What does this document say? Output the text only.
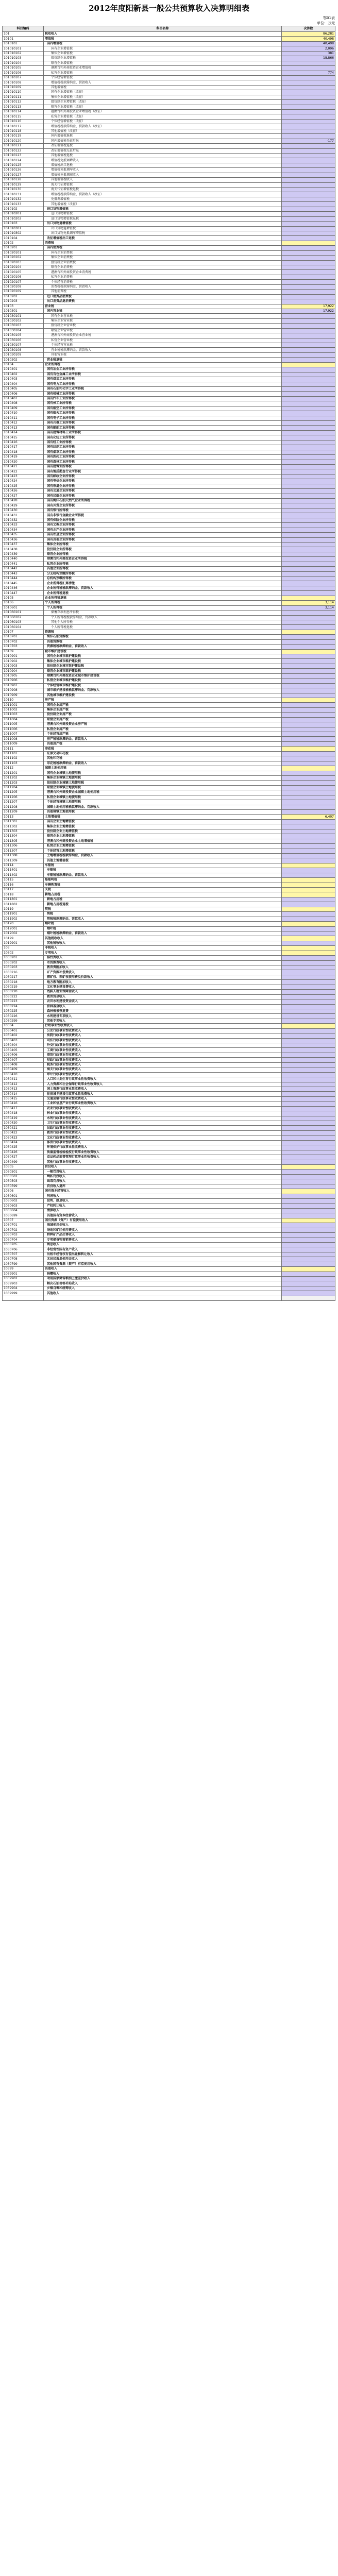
2012年度阳新县一般公共预算收入决算明细表
鄂01表
单位：万元
科目编码	科目名称	决算数
101	税收收入	86,281
10101	增值税	40,498
1010101	国内增值税	40,498
101010101	国有企业增值税	2,096
101010102	集体企业增值税	381
101010103	股份制企业增值税	18,866
101010104	联营企业增值税	
101010105	港澳台和外商投资企业增值税	
101010106	私营企业增值税	774
101010107	个体经营增值税	
101010108	增值税税款滞纳金、罚款收入	
101010109	其他增值税	
101010110	国有企业增值税（改征）	
101010111	集体企业增值税（改征）	
101010112	股份制企业增值税（改征）	
101010113	联营企业增值税（改征）	
101010114	港澳台和外商投资企业增值税（改征）	
101010115	私营企业增值税（改征）	
101010116	个体经营增值税（改征）	
101010117	增值税税款滞纳金、罚款收入（改征）	
101010118	其他增值税（改征）	
101010119	国内增值税退税	
101010120	国内增值税先征后退	-177
101010121	改征增值税退税	
101010122	改征增值税先征后退	
101010123	其他增值税退税	
101010124	增值税免抵调增收入	
101010125	增值税出口退税	
101010126	增值税免抵调库收入	
101010127	增值税免抵调减收入	
101010128	其他增值税收入	
101010129	海关代征增值税	
101010130	海关代征增值税退税	
101010131	增值税税款滞纳金、罚款收入（改征）	
101010132	免抵调增值税	
101010133	其他增值税（改征）	
1010102	进口货物增值税	
101010201	进口货物增值税	
101010202	进口货物增值税退税	
1010103	出口货物退增值税	
101010301	出口货物退增值税	
101010302	出口货物免抵调库增值税	
1010104	改征增值税出口退税	
10102	消费税	
1010201	国内消费税	
101020101	国有企业消费税	
101020102	集体企业消费税	
101020103	股份制企业消费税	
101020104	联营企业消费税	
101020105	港澳台和外商投资企业消费税	
101020106	私营企业消费税	
101020107	个体经营消费税	
101020108	消费税税款滞纳金、罚款收入	
101020109	其他消费税	
1010202	进口消费品消费税	
1010203	出口消费品退消费税	
10103	营业税	17,922
1010301	国内营业税	17,922
101030101	国有企业营业税	
101030102	集体企业营业税	
101030103	股份制企业营业税	
101030104	联营企业营业税	
101030105	港澳台和外商投资企业营业税	
101030106	私营企业营业税	
101030107	个体经营营业税	
101030108	营业税税款滞纳金、罚款收入	
101030109	其他营业税	
1010302	营业税退税	
10104	企业所得税	
1010401	国有冶金工业所得税	
1010402	国有有色金属工业所得税	
1010403	国有煤炭工业所得税	
1010404	国有电力工业所得税	
1010405	国有石油和化学工业所得税	
1010406	国有机械工业所得税	
1010407	国有汽车工业所得税	
1010408	国有核工业所得税	
1010409	国有航空工业所得税	
1010410	国有航天工业所得税	
1010411	国有电子工业所得税	
1010412	国有兵器工业所得税	
1010413	国有船舶工业所得税	
1010414	国有建筑材料工业所得税	
1010415	国有化纺工业所得税	
1010416	国有轻工业所得税	
1010417	国有纺织工业所得税	
1010418	国有烟草工业所得税	
1010419	国有医药工业所得税	
1010420	国有森林工业所得税	
1010421	国有建筑业所得税	
1010422	国有地质勘查行业所得税	
1010423	国有邮政企业所得税	
1010424	国有电信企业所得税	
1010425	国有铁道企业所得税	
1010426	国有交通企业所得税	
1010427	国有民航企业所得税	
1010428	国有海洋石油天然气企业所得税	
1010429	国有外贸企业所得税	
1010430	国有银行所得税	
1010431	国有非银行金融企业所得税	
1010432	国有保险企业所得税	
1010433	国有文教企业所得税	
1010434	国有水产企业所得税	
1010435	国有农垦企业所得税	
1010436	国有其他企业所得税	
1010437	集体企业所得税	
1010438	股份制企业所得税	
1010439	联营企业所得税	
1010440	港澳台和外商投资企业所得税	
1010441	私营企业所得税	
1010442	其他企业所得税	
1010443	分支机构预缴所得税	
1010444	总机构预缴所得税	
1010445	企业所得税汇算清缴	
1010446	企业所得税税款滞纳金、罚款收入	
1010447	企业所得税退税	
10105	企业所得税退税	
10106	个人所得税	3,114
1010601	个人所得税	3,114
101060101	储蓄存款利息所得税	
101060102	个人所得税税款滞纳金、罚款收入	
101060103	其他个人所得税	
101060104	个人所得税退税	
10107	资源税	
1010701	海洋石油资源税	
1010702	其他资源税	
1010703	资源税税款滞纳金、罚款收入	
10109	城市维护建设税	
1010901	国有企业城市维护建设税	
1010902	集体企业城市维护建设税	
1010903	股份制企业城市维护建设税	
1010904	联营企业城市维护建设税	
1010905	港澳台和外商投资企业城市维护建设税	
1010906	私营企业城市维护建设税	
1010907	个体经营城市维护建设税	
1010908	城市维护建设税税款滞纳金、罚款收入	
1010909	其他城市维护建设税	
10110	房产税	
1011001	国有企业房产税	
1011002	集体企业房产税	
1011003	股份制企业房产税	
1011004	联营企业房产税	
1011005	港澳台和外商投资企业房产税	
1011006	私营企业房产税	
1011007	个体经营房产税	
1011008	房产税税款滞纳金、罚款收入	
1011009	其他房产税	
10111	印花税	
1011101	证券交易印花税	
1011102	其他印花税	
1011103	印花税税款滞纳金、罚款收入	
10112	城镇土地使用税	
1011201	国有企业城镇土地使用税	
1011202	集体企业城镇土地使用税	
1011203	股份制企业城镇土地使用税	
1011204	联营企业城镇土地使用税	
1011205	港澳台和外商投资企业城镇土地使用税	
1011206	私营企业城镇土地使用税	
1011207	个体经营城镇土地使用税	
1011208	城镇土地使用税税款滞纳金、罚款收入	
1011209	其他城镇土地使用税	
10113	土地增值税	6,407
1011301	国有企业土地增值税	
1011302	集体企业土地增值税	
1011303	股份制企业土地增值税	
1011304	联营企业土地增值税	
1011305	港澳台和外商投资企业土地增值税	
1011306	私营企业土地增值税	
1011307	个体经营土地增值税	
1011308	土地增值税税款滞纳金、罚款收入	
1011309	其他土地增值税	
10114	车船税	
1011401	车船税	
1011402	车船税税款滞纳金、罚款收入	
10115	船舶吨税	
10116	车辆购置税	
10117	关税	
10118	耕地占用税	
1011801	耕地占用税	
1011802	耕地占用税退税	
10119	契税	
1011901	契税	
1011902	契税税款滞纳金、罚款收入	
10120	烟叶税	
1012001	烟叶税	
1012002	烟叶税税款滞纳金、罚款收入	
10199	其他税收收入	
1019901	其他税收收入	
103	非税收入	
10302	专项收入	
1030201	排污费收入	
1030202	水资源费收入	
1030203	教育费附加收入	
1030216	矿产资源补偿费收入	
1030217	探矿权、采矿权使用费及价款收入	
1030218	地方教育附加收入	
1030219	文化事业建设费收入	
1030220	残疾人就业保障金收入	
1030222	教育资金收入	
1030223	农田水利建设资金收入	
1030224	育林基金收入	
1030225	森林植被恢复费	
1030226	水利建设专项收入	
1030299	其他专项收入	
10304	行政事业性收费收入	
1030401	公安行政事业性收费收入	
1030402	法院行政事业性收费收入	
1030403	司法行政事业性收费收入	
1030404	外交行政事业性收费收入	
1030405	工商行政事业性收费收入	
1030406	商贸行政事业性收费收入	
1030407	财政行政事业性收费收入	
1030408	税务行政事业性收费收入	
1030409	海关行政事业性收费收入	
1030410	审计行政事业性收费收入	
1030411	人口和计划生育行政事业性收费收入	
1030412	人力资源和社会保障行政事业性收费收入	
1030413	国土资源行政事业性收费收入	
1030414	住房城乡建设行政事业性收费收入	
1030415	交通运输行政事业性收费收入	
1030416	工业和信息产业行政事业性收费收入	
1030417	农业行政事业性收费收入	
1030418	林业行政事业性收费收入	
1030419	水利行政事业性收费收入	
1030420	卫生行政事业性收费收入	
1030421	民政行政事业性收费收入	
1030422	教育行政事业性收费收入	
1030423	文化行政事业性收费收入	
1030424	体育行政事业性收费收入	
1030425	环境保护行政事业性收费收入	
1030426	质量监督检验检疫行政事业性收费收入	
1030427	食品药品监督管理行政事业性收费收入	
1030499	其他行政事业性收费收入	
10305	罚没收入	
1030501	一般罚没收入	
1030502	缉私罚没收入	
1030503	缉毒罚没收入	
1030599	罚没收入退库	
10306	国有资本经营收入	
1030601	利润收入	
1030602	股利、股息收入	
1030603	产权转让收入	
1030604	清算收入	
1030699	其他国有资本经营收入	
10307	国有资源（资产）有偿使用收入	
1030701	海域使用金收入	
1030702	场地和矿区使用费收入	
1030703	特种矿产品出售收入	
1030704	专项储备物资销售收入	
1030705	利息收入	
1030706	非经营性国有资产收入	
1030707	出租车经营权有偿出让和转让收入	
1030708	无居民海岛使用金收入	
1030799	其他国有资源（资产）有偿使用收入	
10399	其他收入	
1039901	捐赠收入	
1039902	动用国家储备粮油上缴差价收入	
1039903	解决石油价格补贴收入	
1039904	乡镇自筹和统筹收入	
1039999	其他收入	
